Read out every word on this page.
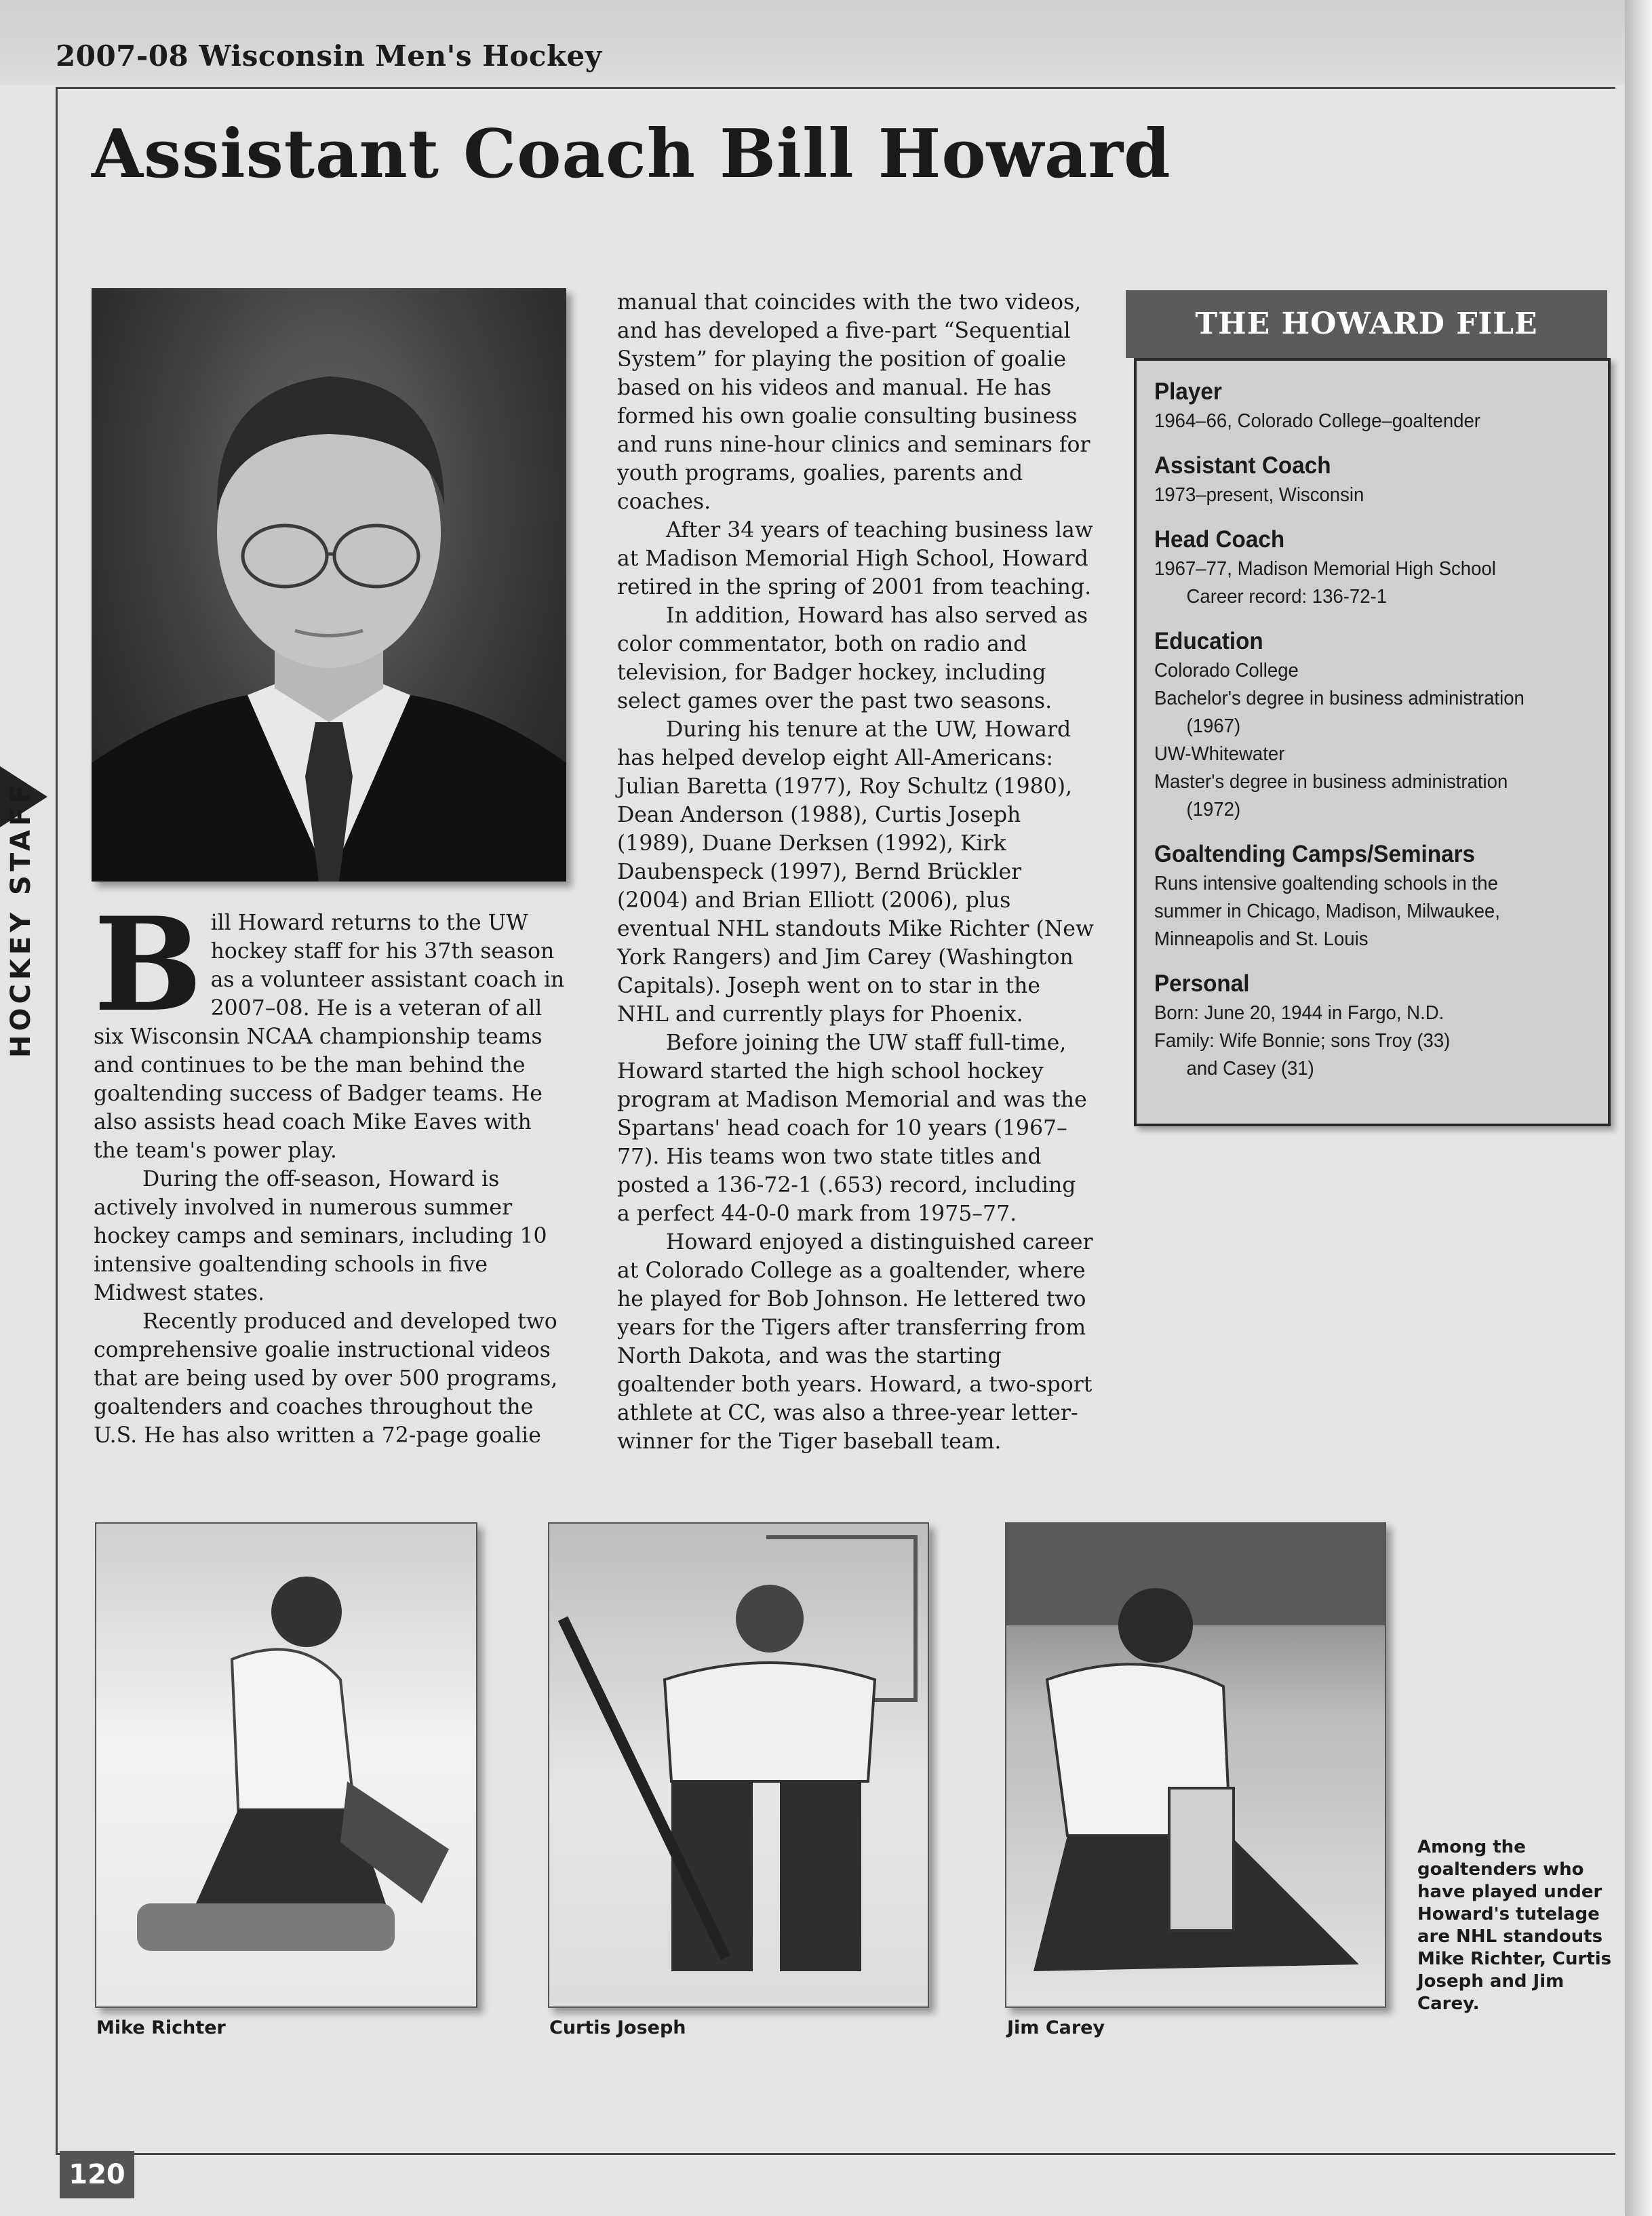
2007-08 Wisconsin Men's Hockey
Assistant Coach Bill Howard
HOCKEY STAFF Bill Howard returns to the UW hockey staff for his 37th season as a volunteer assistant coach in 2007–08. He is a veteran of all six Wisconsin NCAA championship teams and continues to be the man behind the goaltending success of Badger teams. He also assists head coach Mike Eaves with the team's power play.

During the off-season, Howard is actively involved in numerous summer hockey camps and seminars, including 10 intensive goaltending schools in five Midwest states.

Recently produced and developed two comprehensive goalie instructional videos that are being used by over 500 programs, goaltenders and coaches throughout the U.S. He has also written a 72-page goalie

manual that coincides with the two videos, and has developed a five-part “Sequential System” for playing the position of goalie based on his videos and manual. He has formed his own goalie consulting business and runs nine-hour clinics and seminars for youth programs, goalies, parents and coaches.

After 34 years of teaching business law at Madison Memorial High School, Howard retired in the spring of 2001 from teaching.

In addition, Howard has also served as color commentator, both on radio and television, for Badger hockey, including select games over the past two seasons.

During his tenure at the UW, Howard has helped develop eight All-Americans: Julian Baretta (1977), Roy Schultz (1980), Dean Anderson (1988), Curtis Joseph (1989), Duane Derksen (1992), Kirk Daubenspeck (1997), Bernd Brückler (2004) and Brian Elliott (2006), plus eventual NHL standouts Mike Richter (New York Rangers) and Jim Carey (Washington Capitals). Joseph went on to star in the NHL and currently plays for Phoenix.

Before joining the UW staff full-time, Howard started the high school hockey program at Madison Memorial and was the Spartans' head coach for 10 years (1967–77). His teams won two state titles and posted a 136-72-1 (.653) record, including a perfect 44-0-0 mark from 1975–77.

Howard enjoyed a distinguished career at Colorado College as a goaltender, where he played for Bob Johnson. He lettered two years for the Tigers after transferring from North Dakota, and was the starting goaltender both years. Howard, a two-sport athlete at CC, was also a three-year letter-winner for the Tiger baseball team.

THE HOWARD FILE
Player
1964–66, Colorado College–goaltender
Assistant Coach
1973–present, Wisconsin
Head Coach
1967–77, Madison Memorial High School
Career record: 136-72-1
Education
Colorado College
Bachelor's degree in business administration
(1967)
UW-Whitewater
Master's degree in business administration
(1972)
Goaltending Camps/Seminars
Runs intensive goaltending schools in the
summer in Chicago, Madison, Milwaukee,
Minneapolis and St. Louis
Personal
Born: June 20, 1944 in Fargo, N.D.
Family: Wife Bonnie; sons Troy (33)
and Casey (31)
Mike Richter	Curtis Joseph	Jim Carey
Among the goaltenders who have played under Howard's tutelage are NHL standouts Mike Richter, Curtis Joseph and Jim Carey.
120
